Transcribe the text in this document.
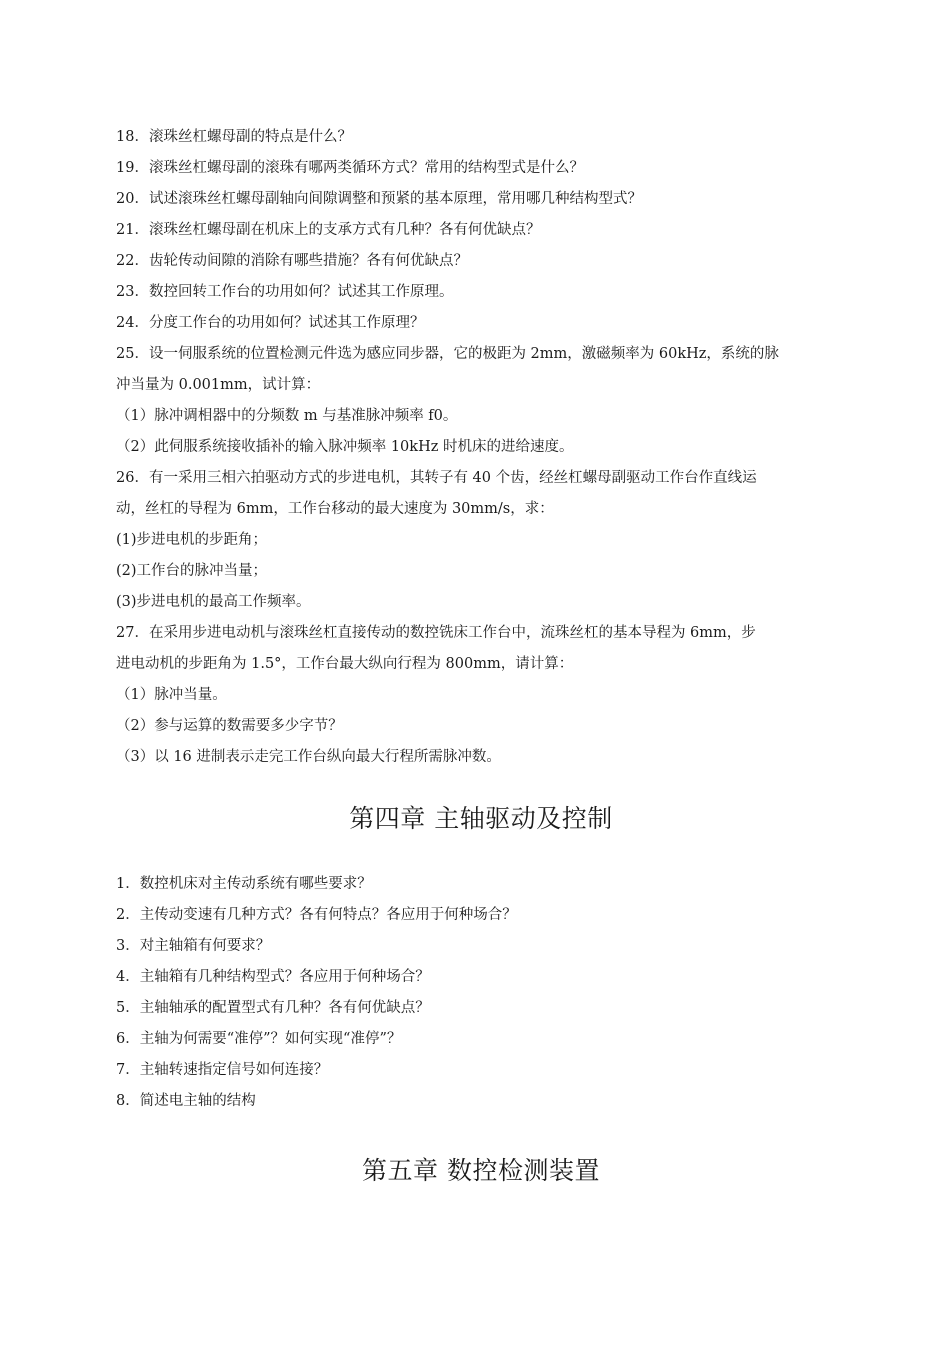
18．滚珠丝杠螺母副的特点是什么？

19．滚珠丝杠螺母副的滚珠有哪两类循环方式？常用的结构型式是什么？

20．试述滚珠丝杠螺母副轴向间隙调整和预紧的基本原理，常用哪几种结构型式？

21．滚珠丝杠螺母副在机床上的支承方式有几种？各有何优缺点？

22．齿轮传动间隙的消除有哪些措施？各有何优缺点？

23．数控回转工作台的功用如何？试述其工作原理。

24．分度工作台的功用如何？试述其工作原理？

25．设一伺服系统的位置检测元件选为感应同步器，它的极距为 2mm，激磁频率为 60kHz，系统的脉

冲当量为 0.001mm，试计算：

（1）脉冲调相器中的分频数 m 与基准脉冲频率 f0。

（2）此伺服系统接收插补的输入脉冲频率 10kHz 时机床的进给速度。

26．有一采用三相六拍驱动方式的步进电机，其转子有 40 个齿，经丝杠螺母副驱动工作台作直线运

动，丝杠的导程为 6mm，工作台移动的最大速度为 30mm/s，求：

(1)步进电机的步距角；

(2)工作台的脉冲当量；

(3)步进电机的最高工作频率。

27．在采用步进电动机与滚珠丝杠直接传动的数控铣床工作台中，流珠丝杠的基本导程为 6mm，步

进电动机的步距角为 1.5°，工作台最大纵向行程为 800mm，请计算：

（1）脉冲当量。

（2）参与运算的数需要多少字节？

（3）以 16 进制表示走完工作台纵向最大行程所需脉冲数。

第四章 主轴驱动及控制

1．数控机床对主传动系统有哪些要求？

2．主传动变速有几种方式？各有何特点？各应用于何种场合？

3．对主轴箱有何要求？

4．主轴箱有几种结构型式？各应用于何种场合？

5．主轴轴承的配置型式有几种？各有何优缺点？

6．主轴为何需要“准停”？如何实现“准停”？

7．主轴转速指定信号如何连接？

8．简述电主轴的结构

第五章 数控检测装置
